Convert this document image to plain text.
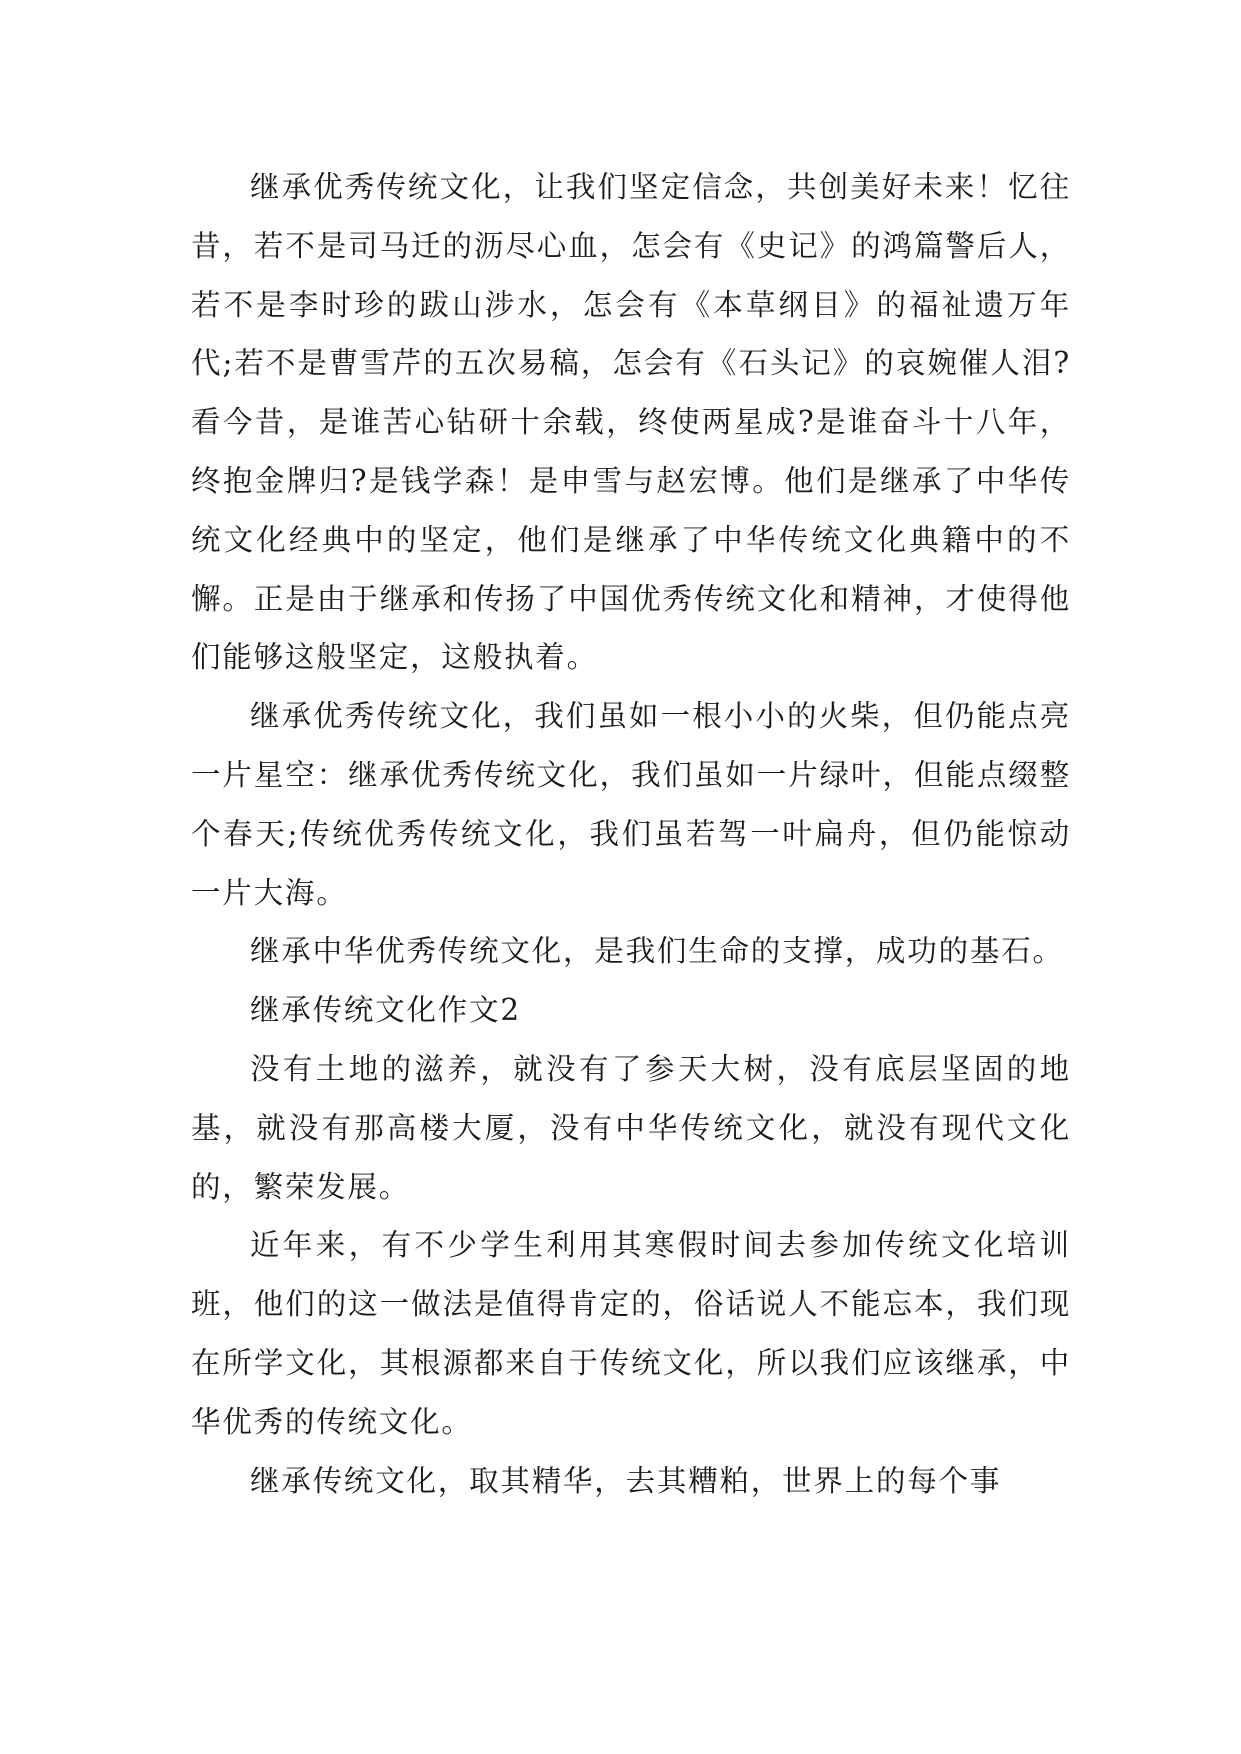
继承优秀传统文化，让我们坚定信念，共创美好未来！忆往昔，若不是司马迁的沥尽心血，怎会有《史记》的鸿篇警后人，若不是李时珍的跋山涉水，怎会有《本草纲目》的福祉遗万年代;若不是曹雪芹的五次易稿，怎会有《石头记》的哀婉催人泪?看今昔，是谁苦心钻研十余载，终使两星成?是谁奋斗十八年，终抱金牌归?是钱学森！是申雪与赵宏博。他们是继承了中华传统文化经典中的坚定，他们是继承了中华传统文化典籍中的不懈。正是由于继承和传扬了中国优秀传统文化和精神，才使得他们能够这般坚定，这般执着。

继承优秀传统文化，我们虽如一根小小的火柴，但仍能点亮一片星空：继承优秀传统文化，我们虽如一片绿叶，但能点缀整个春天;传统优秀传统文化，我们虽若驾一叶扁舟，但仍能惊动一片大海。

继承中华优秀传统文化，是我们生命的支撑，成功的基石。

继承传统文化作文2

没有土地的滋养，就没有了参天大树，没有底层坚固的地基，就没有那高楼大厦，没有中华传统文化，就没有现代文化的，繁荣发展。

近年来，有不少学生利用其寒假时间去参加传统文化培训班，他们的这一做法是值得肯定的，俗话说人不能忘本，我们现在所学文化，其根源都来自于传统文化，所以我们应该继承，中华优秀的传统文化。

继承传统文化，取其精华，去其糟粕，世界上的每个事
